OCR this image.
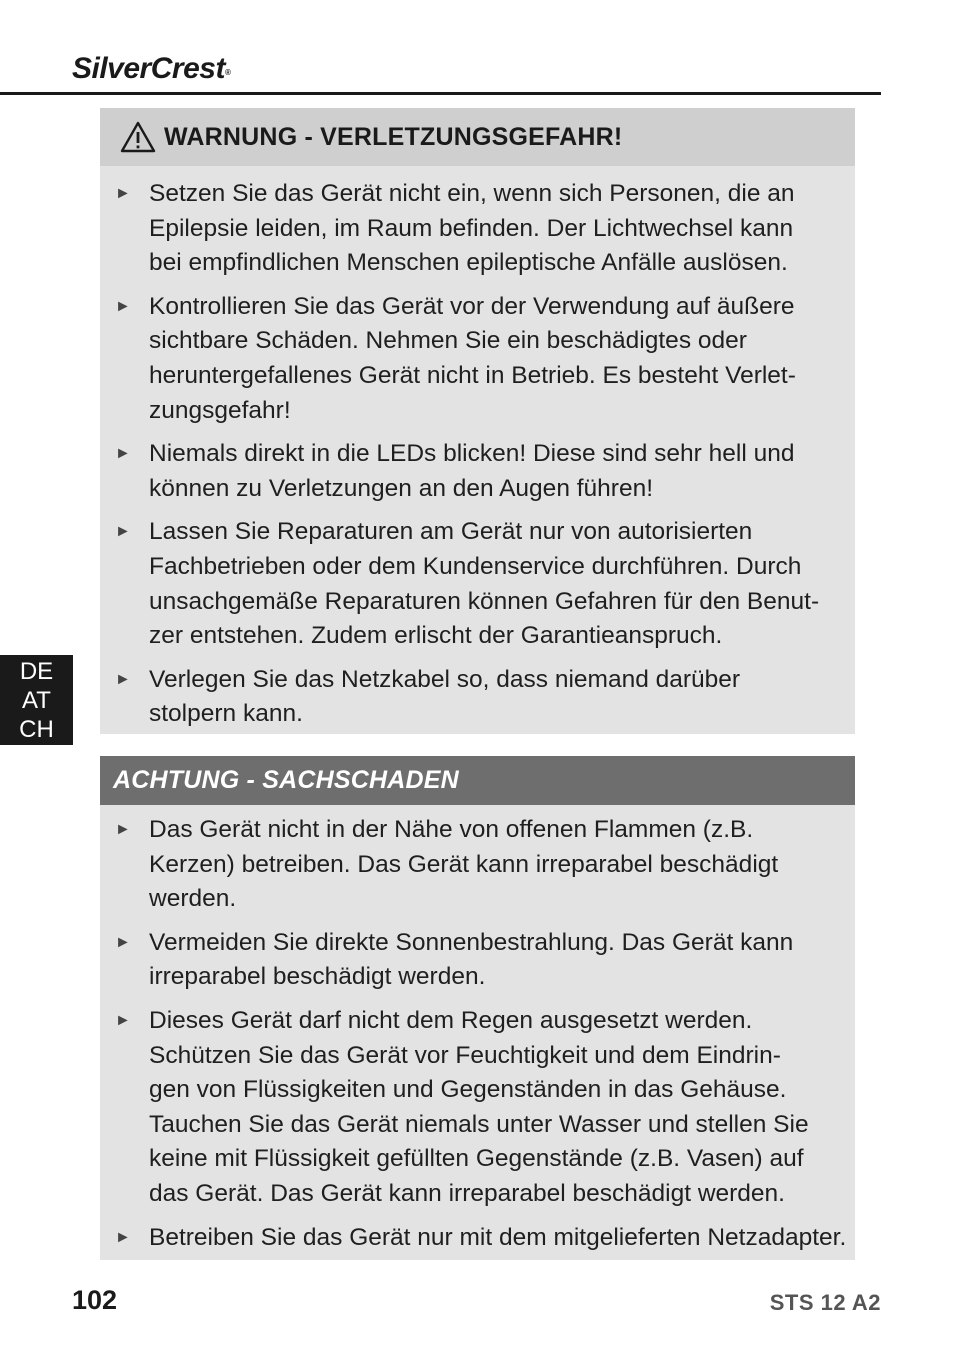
SilverCrest®
WARNUNG - VERLETZUNGSGEFAHR!
► Setzen Sie das Gerät nicht ein, wenn sich Personen, die an
Epilepsie leiden, im Raum befinden. Der Lichtwechsel kann
bei empfindlichen Menschen epileptische Anfälle auslösen.
► Kontrollieren Sie das Gerät vor der Verwendung auf äußere
sichtbare Schäden. Nehmen Sie ein beschädigtes oder
heruntergefallenes Gerät nicht in Betrieb. Es besteht Verlet-
zungsgefahr!
► Niemals direkt in die LEDs blicken! Diese sind sehr hell und
können zu Verletzungen an den Augen führen!
► Lassen Sie Reparaturen am Gerät nur von autorisierten
Fachbetrieben oder dem Kundenservice durchführen. Durch
unsachgemäße Reparaturen können Gefahren für den Benut-
zer entstehen. Zudem erlischt der Garantieanspruch.
► Verlegen Sie das Netzkabel so, dass niemand darüber
stolpern kann.
ACHTUNG - SACHSCHADEN
► Das Gerät nicht in der Nähe von offenen Flammen (z.B.
Kerzen) betreiben. Das Gerät kann irreparabel beschädigt
werden.
► Vermeiden Sie direkte Sonnenbestrahlung. Das Gerät kann
irreparabel beschädigt werden.
► Dieses Gerät darf nicht dem Regen ausgesetzt werden.
Schützen Sie das Gerät vor Feuchtigkeit und dem Eindrin-
gen von Flüssigkeiten und Gegenständen in das Gehäuse.
Tauchen Sie das Gerät niemals unter Wasser und stellen Sie
keine mit Flüssigkeit gefüllten Gegenstände (z.B. Vasen) auf
das Gerät. Das Gerät kann irreparabel beschädigt werden.
► Betreiben Sie das Gerät nur mit dem mitgelieferten Netzadapter.
DE
AT
CH
102	STS 12 A2
